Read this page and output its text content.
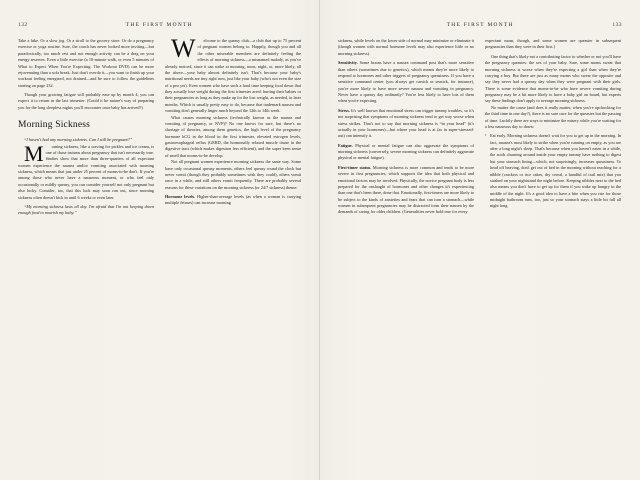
132	THE FIRST MONTH

Take a hike. Or a slow jog. Or a stroll to the grocery store. Or do a pregnancy exercise or yoga routine. Sure, the couch has never looked more inviting—but paradoxically, too much rest and not enough activity can be a drag on your energy reserves. Even a little exercise (a 10-minute walk, or even 5 minutes of What to Expect When You're Expecting: The Workout DVD) can be more rejuvenating than a sofa break. Just don't overdo it—you want to finish up your workout feeling energized, not drained—and be sure to follow the guidelines starting on page 232.

Though your growing fatigue will probably ease up by month 4, you can expect it to return in the last trimester. (Could it be nature's way of preparing you for the long sleepless nights you'll encounter once baby has arrived?)

Morning Sickness

“I haven't had any morning sickness. Can I still be pregnant?”

M	orning sickness, like a craving for pickles and ice cream, is one of those truisms about pregnancy that isn't necessarily true. Studies show that more than three-quarters of all expectant women experience the nausea and/or vomiting associated with morning sickness, which means that just under 25 percent of moms-to-be don't. If you're among those who never have a nauseous moment, or who feel only occasionally or mildly queasy, you can consider yourself not only pregnant but also lucky. Consider, too, that this luck may soon run out, since morning sickness often doesn't kick in until 6 weeks or even later.

“My morning sickness lasts all day. I'm afraid that I'm not keeping down enough food to nourish my baby.”

W	elcome to the queasy club—a club that up to 75 percent of pregnant women belong to. Happily, though you and all the other miserable members are definitely feeling the effects of morning sickness—a misnamed malady, as you've already noticed, since it can strike at morning, noon, night, or, more likely, all the above—your baby almost definitely isn't. That's because your baby's nutritional needs are tiny right now, just like your baby (who's not even the size of a pea yet). Even women who have such a hard time keeping food down that they actually lose weight during the first trimester aren't hurting their babies or their pregnancies as long as they make up for the lost weight, as needed, in later months. Which is usually pretty easy to do, because that trademark nausea and vomiting don't generally linger much beyond the 12th to 14th week.

What causes morning sickness (technically known as the nausea and vomiting of pregnancy, or NVP)? No one knows for sure, but there's no shortage of theories, among them genetics, the high level of the pregnancy hormone hCG in the blood in the first trimester, elevated estrogen levels, gastroesophageal reflux (GERD, the hormonally relaxed muscle tissue in the digestive tract (which makes digestion less efficient), and the super keen sense of smell that moms-to-be develop.

Not all pregnant women experience morning sickness the same way. Some have only occasional queasy moments, others feel queasy round the clock but never vomit (though they probably sometimes wish they could), others vomit once in a while, and still others vomit frequently. There are probably several reasons for these variations on the morning sickness (or 24/7 sickness) theme:

Hormone levels. Higher-than-average levels (as when a woman is carrying multiple fetuses) can increase morning

THE FIRST MONTH	133

sickness, while levels on the lower side of normal may minimize or eliminate it (though women with normal hormone levels may also experience little or no morning sickness).

Sensitivity. Some brains have a nausea command post that's more sensitive than others (sometimes due to genetics), which means they're more likely to respond to hormones and other triggers of pregnancy queasiness. If you have a sensitive command center (you always get carsick or seasick, for instance), you're more likely to have more severe nausea and vomiting in pregnancy. Never have a queasy day ordinarily? You're less likely to have lots of them when you're expecting.

Stress. It's well known that emotional stress can trigger tummy troubles, so it's not surprising that symptoms of morning sickness tend to get way worse when stress strikes. That's not to say that morning sickness is “in your head” (it's actually in your hormones)—but where your head is at (as in super-stressed-out) can intensify it.

Fatigue. Physical or mental fatigue can also aggravate the symptoms of morning sickness (conversely, severe morning sickness can definitely aggravate physical or mental fatigue).

First-timer status. Morning sickness is more common and tends to be more severe in first pregnancies, which supports the idea that both physical and emotional factors may be involved. Physically, the novice pregnant body is less prepared for the onslaught of hormones and other changes it's experiencing than one that's been there, done that. Emotionally, first-timers are more likely to be subject to the kinds of anxieties and fears that can turn a stomach—while women in subsequent pregnancies may be distracted from their nausea by the demands of caring for older children. (Generalities never hold true for every

expectant mom, though, and some women are queasier in subsequent pregnancies than they were in their first.)

One thing that's likely not a contributing factor to whether or not you'll have the pregnancy queasies: the sex of your baby. Sure, some moms swear that morning sickness is worse when they're expecting a girl than when they're carrying a boy. But there are just as many moms who swear the opposite and say they never had a queasy day when they were pregnant with their girls. There is some evidence that moms-to-be who have severe vomiting during pregnancy may be a bit more likely to have a baby girl on board, but experts say these findings don't apply to average morning sickness.

No matter the cause (and does it really matter, when you're upchucking for the third time in one day?), there is no sure cure for the queasies but the passing of time. Luckily there are ways to minimize the misery while you're waiting for a less nauseous day to dawn:

▪ Eat early. Morning sickness doesn't wait for you to get up in the morning. In fact, nausea's most likely to strike when you're running on empty, as you are after a long night's sleep. That's because when you haven't eaten in a while, the acids churning around inside your empty tummy have nothing to digest but your stomach lining—which, not surprisingly, increases queasiness. To head off heaving, don't get out of bed in the morning without reaching for a nibble (crackers or rice cakes, dry cereal, a handful of trail mix) that you stashed on your nightstand the night before. Keeping nibbles next to the bed also means you don't have to get up for them if you wake up hungry in the middle of the night. It's a good idea to have a bite when you rise for those midnight bathroom runs, too, just so your stomach stays a little bit full all night long.
